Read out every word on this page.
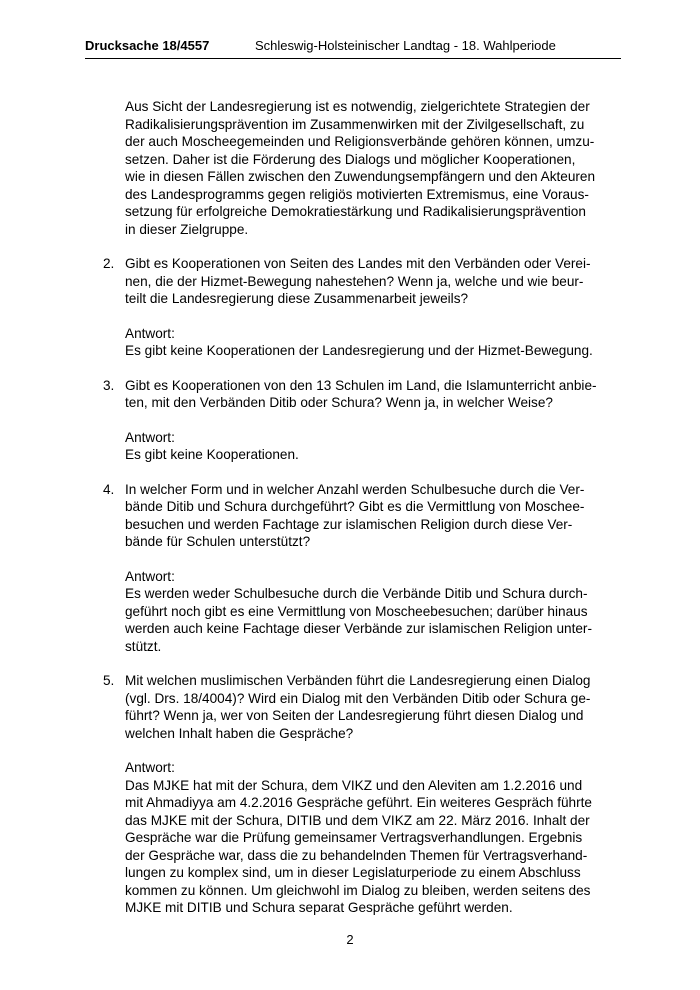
Drucksache 18/4557	Schleswig-Holsteinischer Landtag - 18. Wahlperiode
Aus Sicht der Landesregierung ist es notwendig, zielgerichtete Strategien der
Radikalisierungsprävention im Zusammenwirken mit der Zivilgesellschaft, zu
der auch Moscheegemeinden und Religionsverbände gehören können, umzu-
setzen. Daher ist die Förderung des Dialogs und möglicher Kooperationen,
wie in diesen Fällen zwischen den Zuwendungsempfängern und den Akteuren
des Landesprogramms gegen religiös motivierten Extremismus, eine Voraus-
setzung für erfolgreiche Demokratiestärkung und Radikalisierungsprävention
in dieser Zielgruppe.
2. Gibt es Kooperationen von Seiten des Landes mit den Verbänden oder Verei-
nen, die der Hizmet-Bewegung nahestehen? Wenn ja, welche und wie beur-
teilt die Landesregierung diese Zusammenarbeit jeweils?
Antwort:
Es gibt keine Kooperationen der Landesregierung und der Hizmet-Bewegung.
3. Gibt es Kooperationen von den 13 Schulen im Land, die Islamunterricht anbie-
ten, mit den Verbänden Ditib oder Schura? Wenn ja, in welcher Weise?
Antwort:
Es gibt keine Kooperationen.
4. In welcher Form und in welcher Anzahl werden Schulbesuche durch die Ver-
bände Ditib und Schura durchgeführt? Gibt es die Vermittlung von Moschee-
besuchen und werden Fachtage zur islamischen Religion durch diese Ver-
bände für Schulen unterstützt?
Antwort:
Es werden weder Schulbesuche durch die Verbände Ditib und Schura durch-
geführt noch gibt es eine Vermittlung von Moscheebesuchen; darüber hinaus
werden auch keine Fachtage dieser Verbände zur islamischen Religion unter-
stützt.
5. Mit welchen muslimischen Verbänden führt die Landesregierung einen Dialog
(vgl. Drs. 18/4004)? Wird ein Dialog mit den Verbänden Ditib oder Schura ge-
führt? Wenn ja, wer von Seiten der Landesregierung führt diesen Dialog und
welchen Inhalt haben die Gespräche?
Antwort:
Das MJKE hat mit der Schura, dem VIKZ und den Aleviten am 1.2.2016 und
mit Ahmadiyya am 4.2.2016 Gespräche geführt. Ein weiteres Gespräch führte
das MJKE mit der Schura, DITIB und dem VIKZ am 22. März 2016. Inhalt der
Gespräche war die Prüfung gemeinsamer Vertragsverhandlungen. Ergebnis
der Gespräche war, dass die zu behandelnden Themen für Vertragsverhand-
lungen zu komplex sind, um in dieser Legislaturperiode zu einem Abschluss
kommen zu können. Um gleichwohl im Dialog zu bleiben, werden seitens des
MJKE mit DITIB und Schura separat Gespräche geführt werden.
2
